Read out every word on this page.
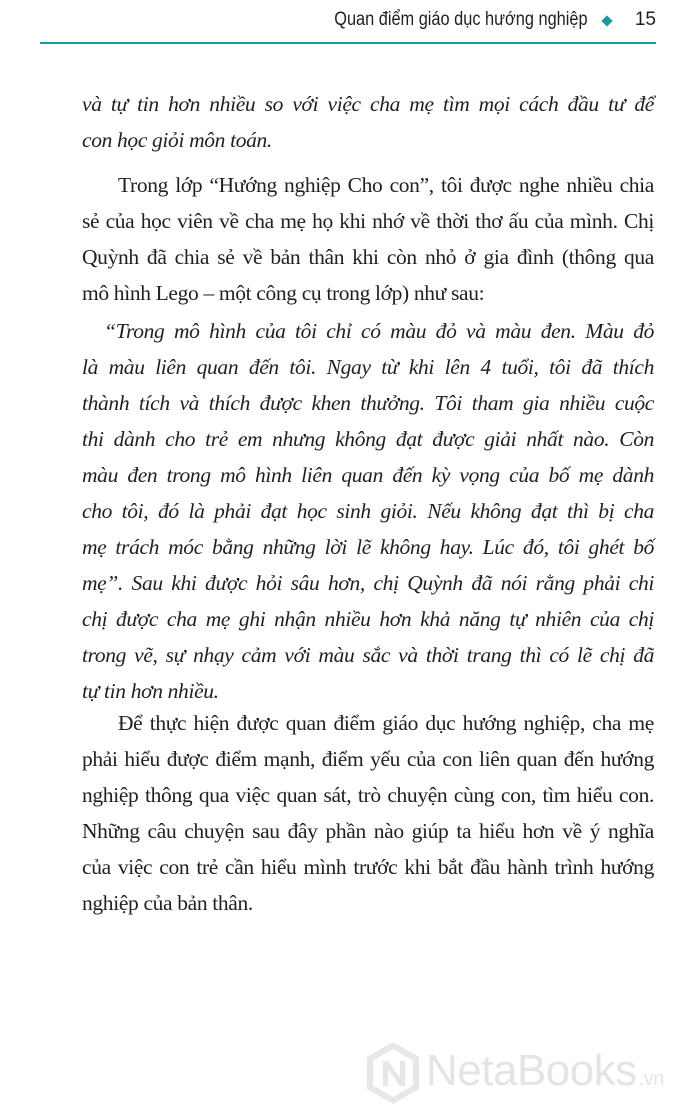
Quan điểm giáo dục hướng nghiệp 15
và tự tin hơn nhiều so với việc cha mẹ tìm mọi cách đầu tư để
con học giỏi môn toán.
Trong lớp “Hướng nghiệp Cho con”, tôi được nghe nhiều chia
sẻ của học viên về cha mẹ họ khi nhớ về thời thơ ấu của mình. Chị
Quỳnh đã chia sẻ về bản thân khi còn nhỏ ở gia đình (thông qua
mô hình Lego – một công cụ trong lớp) như sau:
“Trong mô hình của tôi chỉ có màu đỏ và màu đen. Màu đỏ
là màu liên quan đến tôi. Ngay từ khi lên 4 tuổi, tôi đã thích
thành tích và thích được khen thưởng. Tôi tham gia nhiều cuộc
thi dành cho trẻ em nhưng không đạt được giải nhất nào. Còn
màu đen trong mô hình liên quan đến kỳ vọng của bố mẹ dành
cho tôi, đó là phải đạt học sinh giỏi. Nếu không đạt thì bị cha
mẹ trách móc bằng những lời lẽ không hay. Lúc đó, tôi ghét bố
mẹ”. Sau khi được hỏi sâu hơn, chị Quỳnh đã nói rằng phải chi
chị được cha mẹ ghi nhận nhiều hơn khả năng tự nhiên của chị
trong vẽ, sự nhạy cảm với màu sắc và thời trang thì có lẽ chị đã
tự tin hơn nhiều.
Để thực hiện được quan điểm giáo dục hướng nghiệp, cha mẹ
phải hiểu được điểm mạnh, điểm yếu của con liên quan đến hướng
nghiệp thông qua việc quan sát, trò chuyện cùng con, tìm hiểu con.
Những câu chuyện sau đây phần nào giúp ta hiểu hơn về ý nghĩa
của việc con trẻ cần hiểu mình trước khi bắt đầu hành trình hướng
nghiệp của bản thân.
NetaBooks .vn
